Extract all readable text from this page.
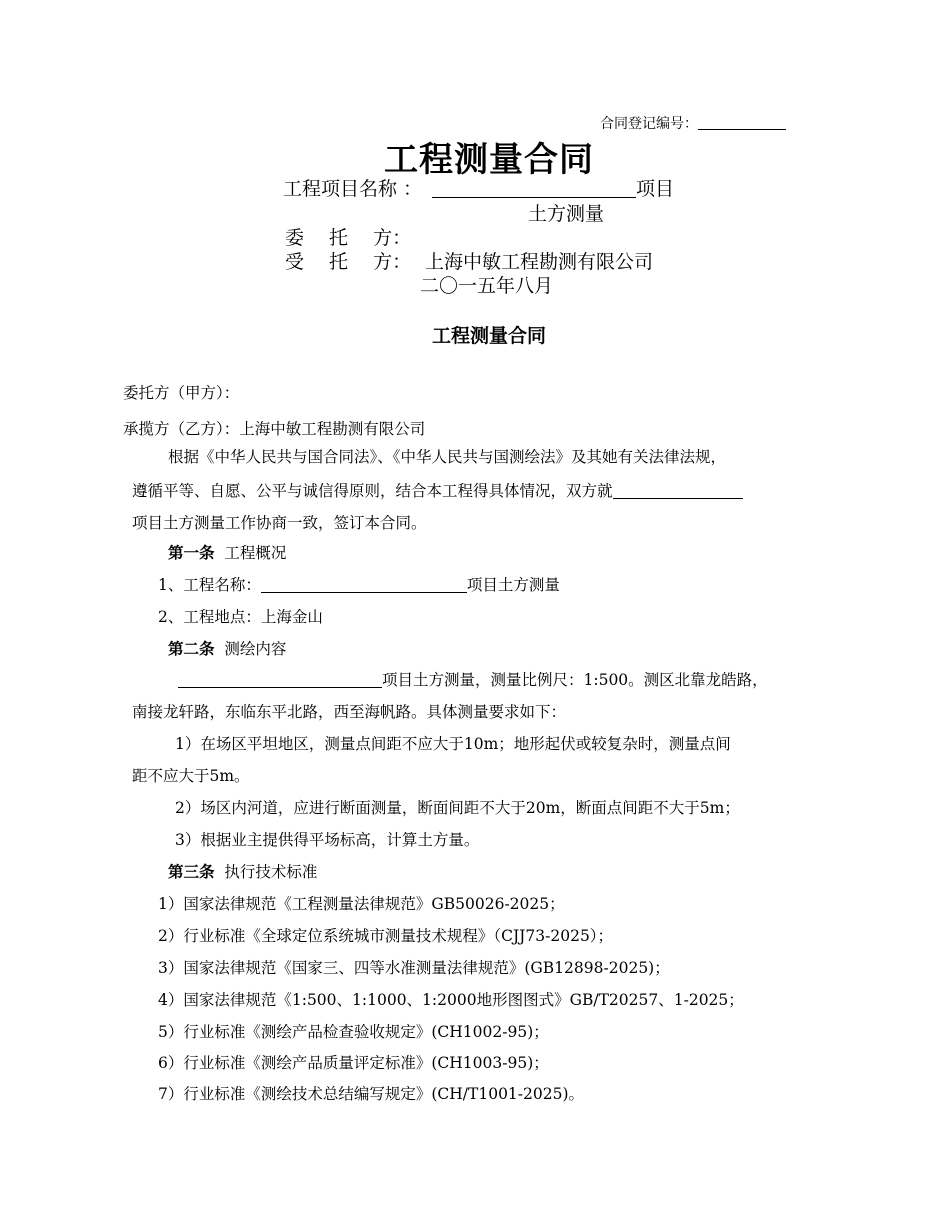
合同登记编号：
工程测量合同
工程项目名称 ：	项目
土方测量
委　 托　 方：
受　 托　 方： 上海中敏工程勘测有限公司
二〇一五年八月
工程测量合同
委托方（甲方）：
承揽方（乙方）：上海中敏工程勘测有限公司
根据《中华人民共与国合同法》、《中华人民共与国测绘法》及其她有关法律法规，
遵循平等、自愿、公平与诚信得原则，结合本工程得具体情况，双方就
项目土方测量工作协商一致，签订本合同。
第一条 工程概况
1、工程名称：	项目土方测量
2、工程地点：上海金山
第二条 测绘内容
项目土方测量，测量比例尺：1:500。测区北靠龙皓路，
南接龙轩路，东临东平北路，西至海帆路。具体测量要求如下：
1）在场区平坦地区，测量点间距不应大于10m；地形起伏或较复杂时，测量点间
距不应大于5m。
2）场区内河道，应进行断面测量，断面间距不大于20m，断面点间距不大于5m；
3）根据业主提供得平场标高，计算土方量。
第三条 执行技术标准
1）国家法律规范《工程测量法律规范》GB50026-2025；
2）行业标准《全球定位系统城市测量技术规程》（CJJ73-2025）；
3）国家法律规范《国家三、四等水准测量法律规范》(GB12898-2025)；
4）国家法律规范《1:500、1:1000、1:2000地形图图式》GB/T20257、1-2025；
5）行业标准《测绘产品检查验收规定》(CH1002-95)；
6）行业标准《测绘产品质量评定标准》(CH1003-95)；
7）行业标准《测绘技术总结编写规定》(CH/T1001-2025)。
